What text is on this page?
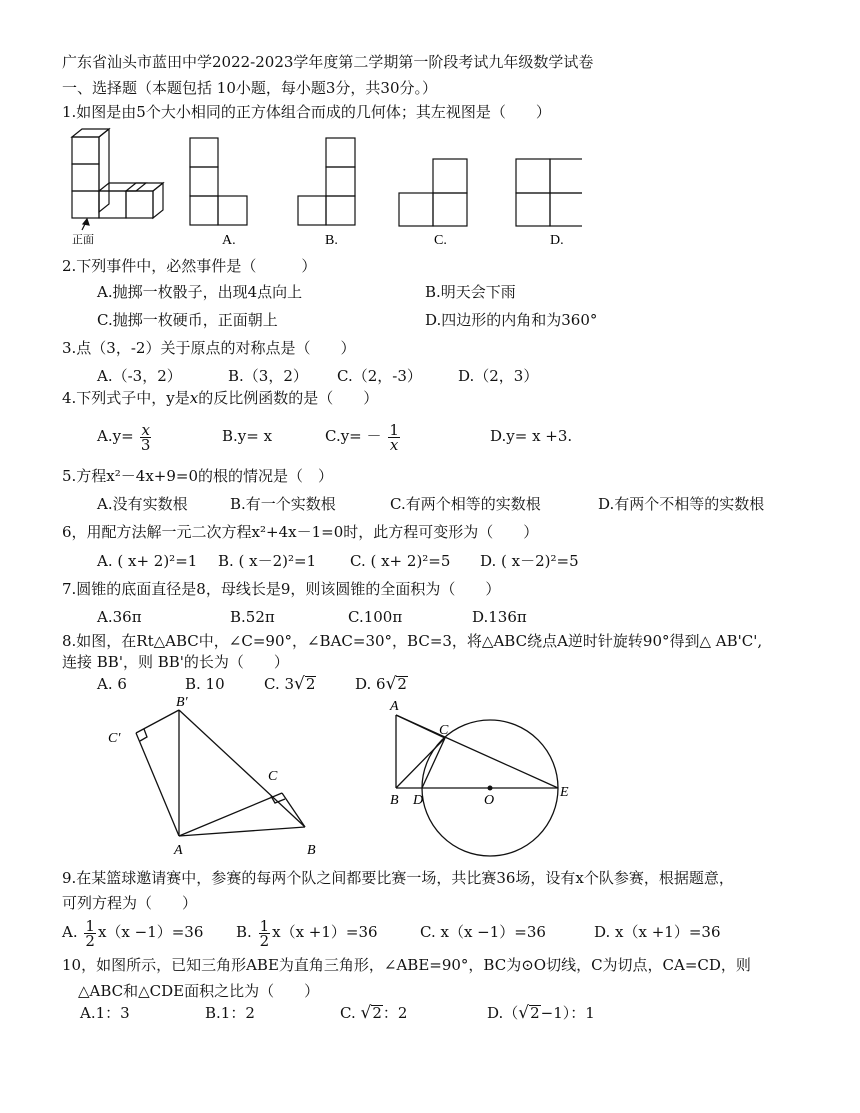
广东省汕头市蓝田中学2022-2023学年度第二学期第一阶段考试九年级数学试卷
一、选择题（本题包括 10小题，每小题3分，共30分。）
1.如图是由5个大小相同的正方体组合而成的几何体；其左视图是（　　）
正面	A.	B.	C.	D.
2.下列事件中，必然事件是（　　　）
A.抛掷一枚骰子，出现4点向上	B.明天会下雨
C.抛掷一枚硬币，正面朝上	D.四边形的内角和为360°
3.点（3，-2）关于原点的对称点是（　　）
A.（-3，2）	B.（3，2） C.（2，-3） D.（2，3）
4.下列式子中，y是x的反比例函数的是（　　）
$A.y= \frac{x}{3}$	B.y= x	$C.y= - \frac{1}{x}$	D.y= x +3.
5.方程x²－4x+9=0的根的情况是（　）
A.没有实数根	B.有一个实数根	C.有两个相等的实数根	D.有两个不相等的实数根
6，用配方法解一元二次方程x²+4x－1=0时，此方程可变形为（　　）
A. ( x+ 2)²=1 B. ( x－2)²=1 C. ( x+ 2)²=5 D. ( x－2)²=5
7.圆锥的底面直径是8，母线长是9，则该圆锥的全面积为（　　）
A.36π	B.52π	C.100π	D.136π
8.如图，在Rt△ABC中，∠C=90°，∠BAC=30°，BC=3，将△ABC绕点A逆时针旋转90°得到△ AB'C',
连接 BB'，则 BB'的长为（　　）
A. 6	B. 10	C. 3√2	D. 6√2
B′
C′
C
A	B
A
C
B D	O
E
9.在某篮球邀请赛中，参赛的每两个队之间都要比赛一场，共比赛36场，设有x个队参赛，根据题意，
可列方程为（　　）
A. $\frac{1}{2} x(x -1)=36$ B. $\frac{1}{2} x(x +1)=36$	C. x（x −1）=36	D. x（x +1）=36
10，如图所示，已知三角形ABE为直角三角形，∠ABE=90°，BC为⊙O切线，C为切点，CA=CD，则
△ABC和△CDE面积之比为（　　）
A.1：3	B.1：2	C. √2：2	D.（√2−1）：1
